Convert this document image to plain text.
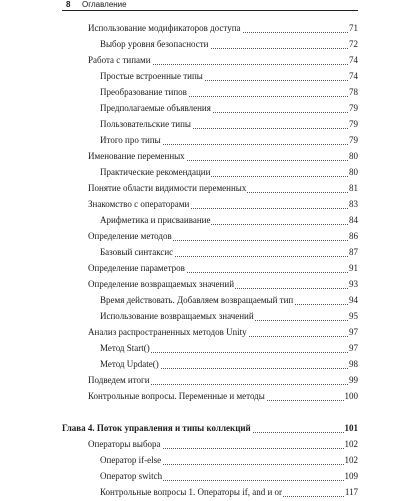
8 Оглавление
Использование модификаторов доступа	71
Выбор уровня безопасности	72
Работа с типами	74
Простые встроенные типы	74
Преобразование типов	78
Предполагаемые объявления	79
Пользовательские типы	79
Итого про типы	79
Именование переменных	80
Практические рекомендации	80
Понятие области видимости переменных	81
Знакомство с операторами	83
Арифметика и присваивание	84
Определение методов	86
Базовый синтаксис	87
Определение параметров	91
Определение возвращаемых значений	93
Время действовать. Добавляем возвращаемый тип	94
Использование возвращаемых значений	95
Анализ распространенных методов Unity	97
Метод Start()	97
Метод Update()	98
Подведем итоги	99
Контрольные вопросы. Переменные и методы	100
Глава 4. Поток управления и типы коллекций	101
Операторы выбора	102
Оператор if-else	102
Оператор switch	109
Контрольные вопросы 1. Операторы if, and и or	117
